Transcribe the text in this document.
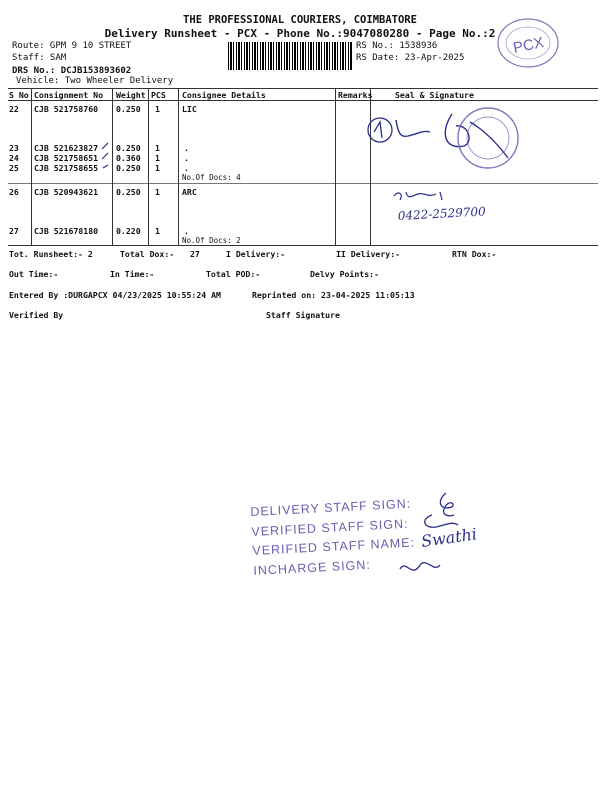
THE PROFESSIONAL COURIERS, COIMBATORE
Delivery Runsheet - PCX - Phone No.:9047080280 - Page No.:2
Route: GPM 9 10 STREET
Staff: SAM
DRS No.: DCJB153893602
Vehicle: Two Wheeler Delivery
RS No.: 1538936
RS Date: 23-Apr-2025
PCX
S No Consignment No Weight PCS Consignee Details	Remarks	Seal & Signature
22 CJB 521758760 0.250 1	LIC
23 CJB 521623827 0.250 1	.
24 CJB 521758651 0.360 1	.
25 CJB 521758655 0.250 1	.
No.Of Docs: 4
26 CJB 520943621 0.250 1	ARC
27 CJB 521678180 0.220 1	.
No.Of Docs: 2
0422-2529700
Tot. Runsheet:- 2	Total Dox:- 27	I Delivery:-	II Delivery:-	RTN Dox:-
Out Time:-	In Time:-	Total POD:-	Delvy Points:-
Entered By :DURGAPCX 04/23/2025 10:55:24 AM	Reprinted on: 23-04-2025 11:05:13
Verified By	Staff Signature
DELIVERY STAFF SIGN:
VERIFIED STAFF SIGN:
VERIFIED STAFF NAME:
INCHARGE SIGN:
Swathi
